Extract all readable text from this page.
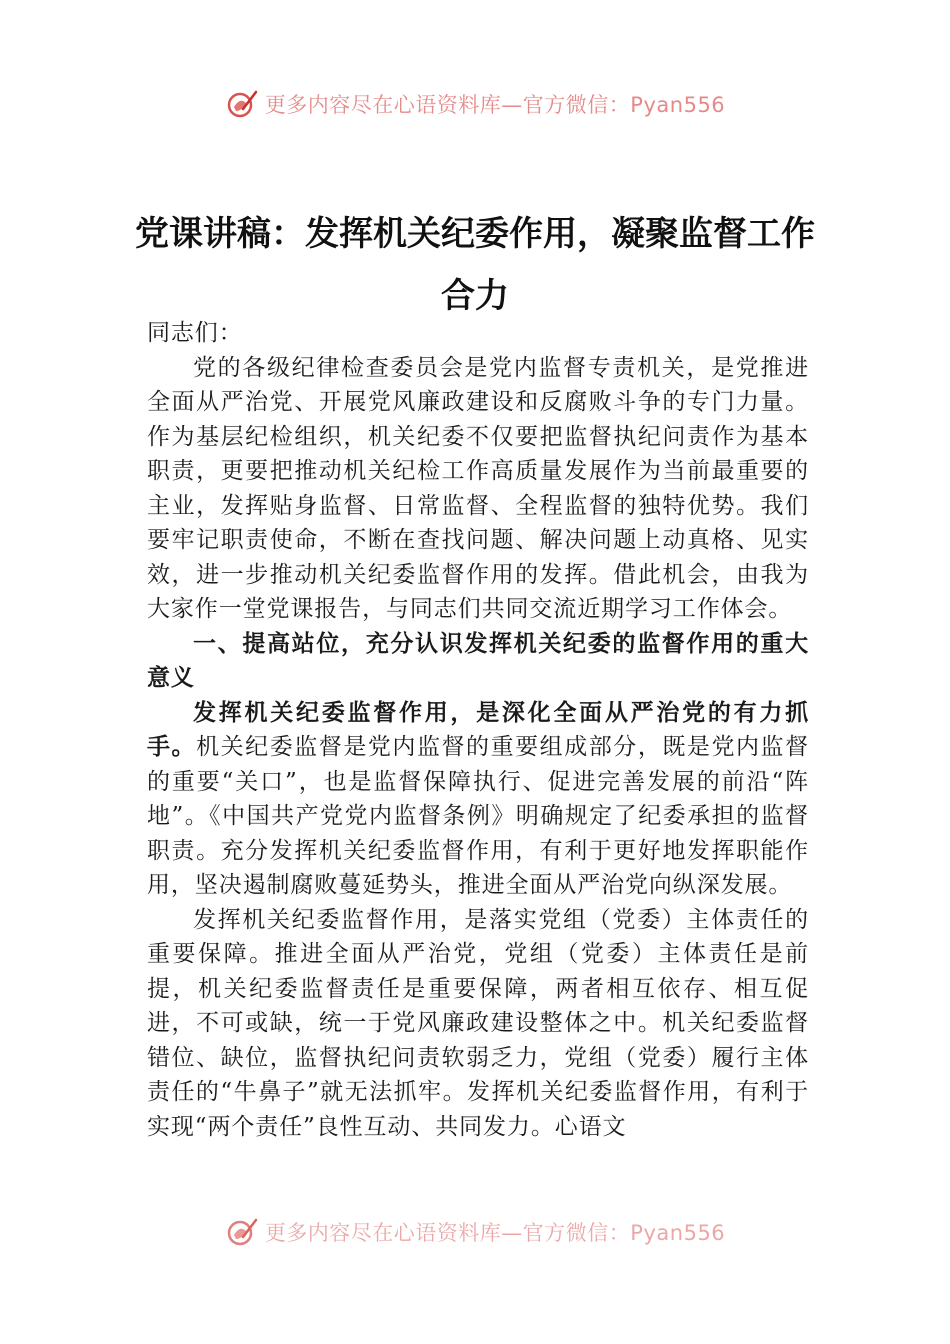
更多内容尽在心语资料库—官方微信：Pyan556
党课讲稿：发挥机关纪委作用，凝聚监督工作合力

同志们：

党的各级纪律检查委员会是党内监督专责机关，是党推进全面从严治党、开展党风廉政建设和反腐败斗争的专门力量。作为基层纪检组织，机关纪委不仅要把监督执纪问责作为基本职责，更要把推动机关纪检工作高质量发展作为当前最重要的主业，发挥贴身监督、日常监督、全程监督的独特优势。我们要牢记职责使命，不断在查找问题、解决问题上动真格、见实效，进一步推动机关纪委监督作用的发挥。借此机会，由我为大家作一堂党课报告，与同志们共同交流近期学习工作体会。

一、提高站位，充分认识发挥机关纪委的监督作用的重大意义

发挥机关纪委监督作用，是深化全面从严治党的有力抓手。机关纪委监督是党内监督的重要组成部分，既是党内监督的重要“关口”，也是监督保障执行、促进完善发展的前沿“阵地”。《中国共产党党内监督条例》明确规定了纪委承担的监督职责。充分发挥机关纪委监督作用，有利于更好地发挥职能作用，坚决遏制腐败蔓延势头，推进全面从严治党向纵深发展。

发挥机关纪委监督作用，是落实党组（党委）主体责任的重要保障。推进全面从严治党，党组（党委）主体责任是前提，机关纪委监督责任是重要保障，两者相互依存、相互促进，不可或缺，统一于党风廉政建设整体之中。机关纪委监督错位、缺位，监督执纪问责软弱乏力，党组（党委）履行主体责任的“牛鼻子”就无法抓牢。发挥机关纪委监督作用，有利于实现“两个责任”良性互动、共同发力。心语文

更多内容尽在心语资料库—官方微信：Pyan556
